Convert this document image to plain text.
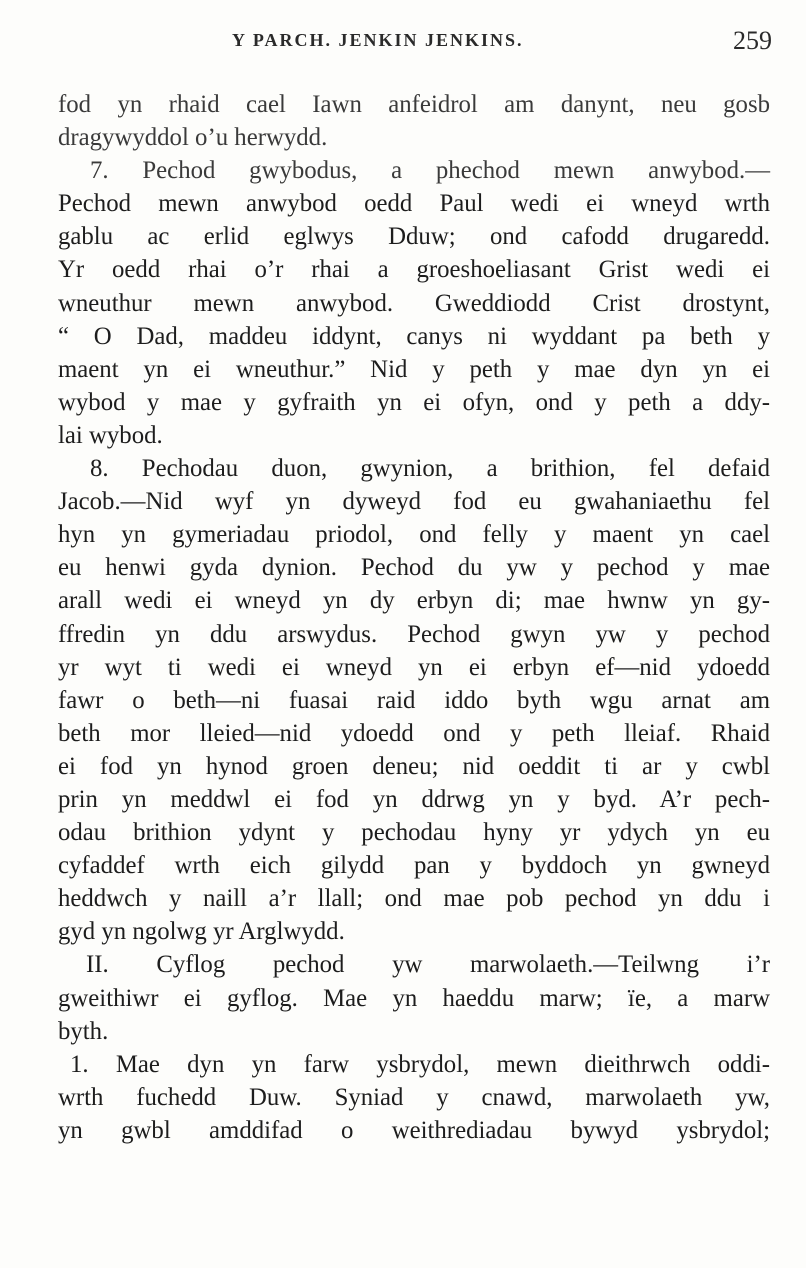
Y PARCH. JENKIN JENKINS.	259
fod yn rhaid cael Iawn anfeidrol am danynt, neu gosb
dragywyddol o’u herwydd.
7. Pechod gwybodus, a phechod mewn anwybod.—
Pechod mewn anwybod oedd Paul wedi ei wneyd wrth
gablu ac erlid eglwys Dduw; ond cafodd drugaredd.
Yr oedd rhai o’r rhai a groeshoeliasant Grist wedi ei
wneuthur mewn anwybod. Gweddiodd Crist drostynt,
“ O Dad, maddeu iddynt, canys ni wyddant pa beth y
maent yn ei wneuthur.” Nid y peth y mae dyn yn ei
wybod y mae y gyfraith yn ei ofyn, ond y peth a ddy-
lai wybod.
8. Pechodau duon, gwynion, a brithion, fel defaid
Jacob.—Nid wyf yn dyweyd fod eu gwahaniaethu fel
hyn yn gymeriadau priodol, ond felly y maent yn cael
eu henwi gyda dynion. Pechod du yw y pechod y mae
arall wedi ei wneyd yn dy erbyn di; mae hwnw yn gy-
ffredin yn ddu arswydus. Pechod gwyn yw y pechod
yr wyt ti wedi ei wneyd yn ei erbyn ef—nid ydoedd
fawr o beth—ni fuasai raid iddo byth wgu arnat am
beth mor lleied—nid ydoedd ond y peth lleiaf. Rhaid
ei fod yn hynod groen deneu; nid oeddit ti ar y cwbl
prin yn meddwl ei fod yn ddrwg yn y byd. A’r pech-
odau brithion ydynt y pechodau hyny yr ydych yn eu
cyfaddef wrth eich gilydd pan y byddoch yn gwneyd
heddwch y naill a’r llall; ond mae pob pechod yn ddu i
gyd yn ngolwg yr Arglwydd.
II. Cyflog pechod yw marwolaeth.—Teilwng i’r
gweithiwr ei gyflog. Mae yn haeddu marw; ïe, a marw
byth.
1. Mae dyn yn farw ysbrydol, mewn dieithrwch oddi-
wrth fuchedd Duw. Syniad y cnawd, marwolaeth yw,
yn gwbl amddifad o weithrediadau bywyd ysbrydol;
